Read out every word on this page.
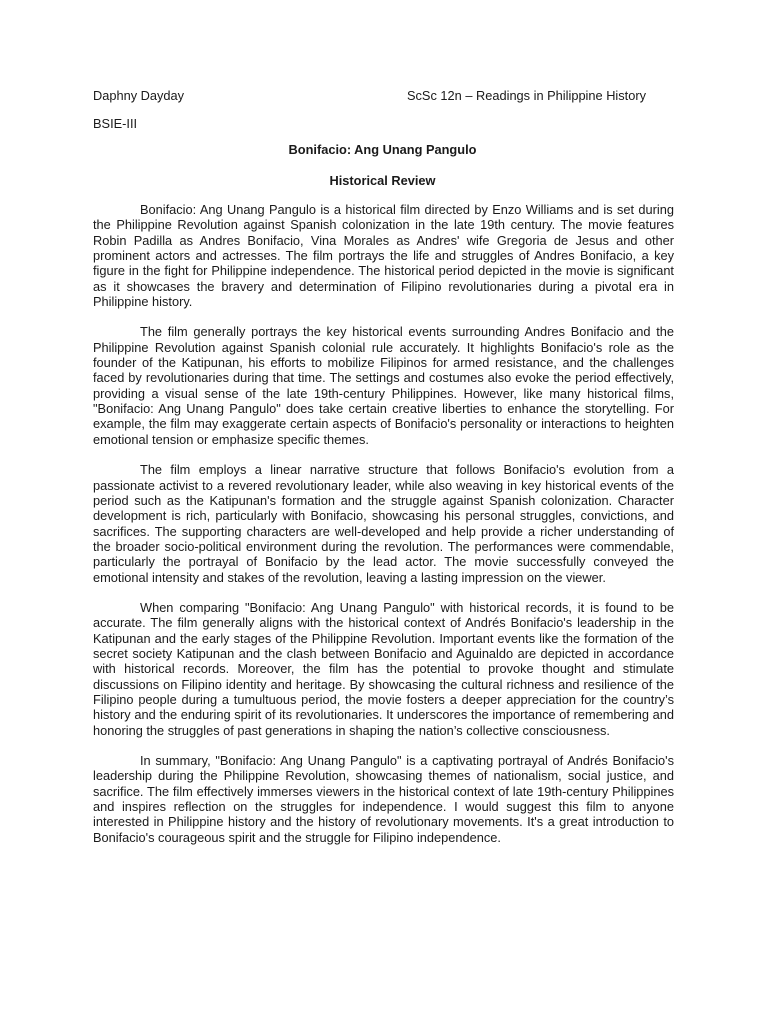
Daphny Dayday	ScSc 12n – Readings in Philippine History

BSIE-III

Bonifacio: Ang Unang Pangulo
Historical Review

Bonifacio: Ang Unang Pangulo is a historical film directed by Enzo Williams and is set during the Philippine Revolution against Spanish colonization in the late 19th century. The movie features Robin Padilla as Andres Bonifacio, Vina Morales as Andres' wife Gregoria de Jesus and other prominent actors and actresses. The film portrays the life and struggles of Andres Bonifacio, a key figure in the fight for Philippine independence. The historical period depicted in the movie is significant as it showcases the bravery and determination of Filipino revolutionaries during a pivotal era in Philippine history.

The film generally portrays the key historical events surrounding Andres Bonifacio and the Philippine Revolution against Spanish colonial rule accurately. It highlights Bonifacio's role as the founder of the Katipunan, his efforts to mobilize Filipinos for armed resistance, and the challenges faced by revolutionaries during that time. The settings and costumes also evoke the period effectively, providing a visual sense of the late 19th-century Philippines. However, like many historical films, "Bonifacio: Ang Unang Pangulo" does take certain creative liberties to enhance the storytelling. For example, the film may exaggerate certain aspects of Bonifacio's personality or interactions to heighten emotional tension or emphasize specific themes.

The film employs a linear narrative structure that follows Bonifacio's evolution from a passionate activist to a revered revolutionary leader, while also weaving in key historical events of the period such as the Katipunan's formation and the struggle against Spanish colonization. Character development is rich, particularly with Bonifacio, showcasing his personal struggles, convictions, and sacrifices. The supporting characters are well-developed and help provide a richer understanding of the broader socio-political environment during the revolution. The performances were commendable, particularly the portrayal of Bonifacio by the lead actor. The movie successfully conveyed the emotional intensity and stakes of the revolution, leaving a lasting impression on the viewer.

When comparing "Bonifacio: Ang Unang Pangulo" with historical records, it is found to be accurate. The film generally aligns with the historical context of Andrés Bonifacio's leadership in the Katipunan and the early stages of the Philippine Revolution. Important events like the formation of the secret society Katipunan and the clash between Bonifacio and Aguinaldo are depicted in accordance with historical records. Moreover, the film has the potential to provoke thought and stimulate discussions on Filipino identity and heritage. By showcasing the cultural richness and resilience of the Filipino people during a tumultuous period, the movie fosters a deeper appreciation for the country’s history and the enduring spirit of its revolutionaries. It underscores the importance of remembering and honoring the struggles of past generations in shaping the nation’s collective consciousness.

In summary, "Bonifacio: Ang Unang Pangulo" is a captivating portrayal of Andrés Bonifacio's leadership during the Philippine Revolution, showcasing themes of nationalism, social justice, and sacrifice. The film effectively immerses viewers in the historical context of late 19th-century Philippines and inspires reflection on the struggles for independence. I would suggest this film to anyone interested in Philippine history and the history of revolutionary movements. It's a great introduction to Bonifacio's courageous spirit and the struggle for Filipino independence.
